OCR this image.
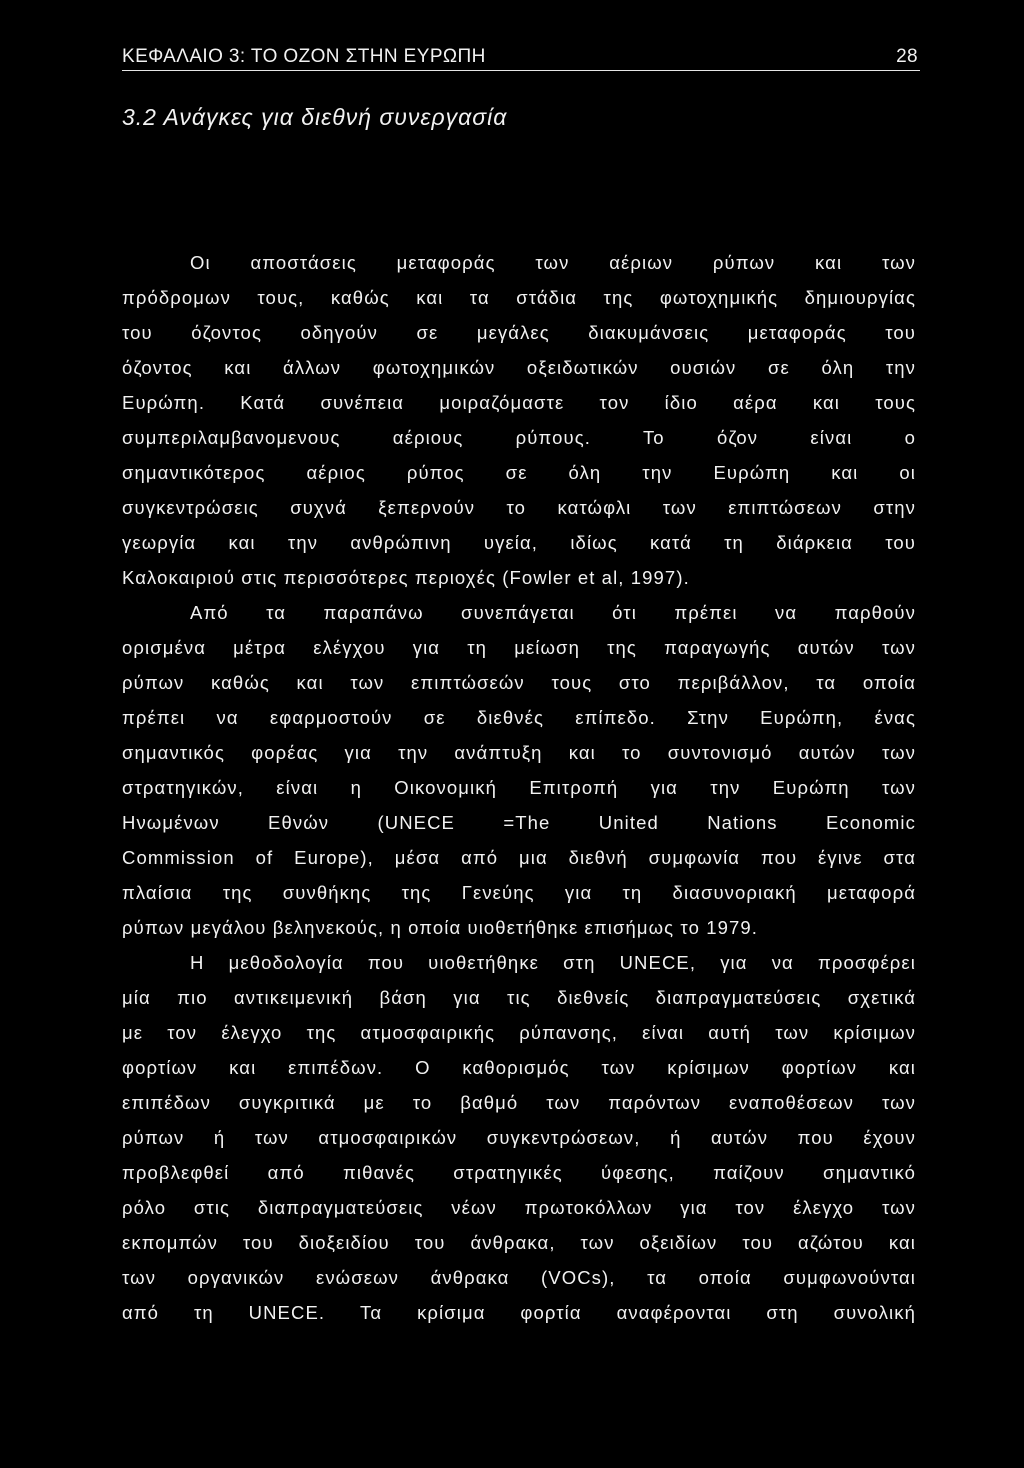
ΚΕΦΑΛΑΙΟ 3: ΤΟ ΟΖΟΝ ΣΤΗΝ ΕΥΡΩΠΗ	28
3.2 Ανάγκες για διεθνή συνεργασία
Οι αποστάσεις μεταφοράς των αέριων ρύπων και των
πρόδρομων τους, καθώς και τα στάδια της φωτοχημικής δημιουργίας
του όζοντος οδηγούν σε μεγάλες διακυμάνσεις μεταφοράς του
όζοντος και άλλων φωτοχημικών οξειδωτικών ουσιών σε όλη την
Ευρώπη. Κατά συνέπεια μοιραζόμαστε τον ίδιο αέρα και τους
συμπεριλαμβανομενους αέριους ρύπους. Το όζον είναι ο
σημαντικότερος αέριος ρύπος σε όλη την Ευρώπη και οι
συγκεντρώσεις συχνά ξεπερνούν το κατώφλι των επιπτώσεων στην
γεωργία και την ανθρώπινη υγεία, ιδίως κατά τη διάρκεια του
Καλοκαιριού στις περισσότερες περιοχές (Fowler et al, 1997).
Από τα παραπάνω συνεπάγεται ότι πρέπει να παρθούν
ορισμένα μέτρα ελέγχου για τη μείωση της παραγωγής αυτών των
ρύπων καθώς και των επιπτώσεών τους στο περιβάλλον, τα οποία
πρέπει να εφαρμοστούν σε διεθνές επίπεδο. Στην Ευρώπη, ένας
σημαντικός φορέας για την ανάπτυξη και το συντονισμό αυτών των
στρατηγικών, είναι η Οικονομική Επιτροπή για την Ευρώπη των
Ηνωμένων Εθνών (UNECE =The United Nations Economic
Commission of Europe), μέσα από μια διεθνή συμφωνία που έγινε στα
πλαίσια της συνθήκης της Γενεύης για τη διασυνοριακή μεταφορά
ρύπων μεγάλου βεληνεκούς, η οποία υιοθετήθηκε επισήμως το 1979.
Η μεθοδολογία που υιοθετήθηκε στη UNECE, για να προσφέρει
μία πιο αντικειμενική βάση για τις διεθνείς διαπραγματεύσεις σχετικά
με τον έλεγχο της ατμοσφαιρικής ρύπανσης, είναι αυτή των κρίσιμων
φορτίων και επιπέδων. Ο καθορισμός των κρίσιμων φορτίων και
επιπέδων συγκριτικά με το βαθμό των παρόντων εναποθέσεων των
ρύπων ή των ατμοσφαιρικών συγκεντρώσεων, ή αυτών που έχουν
προβλεφθεί από πιθανές στρατηγικές ύφεσης, παίζουν σημαντικό
ρόλο στις διαπραγματεύσεις νέων πρωτοκόλλων για τον έλεγχο των
εκπομπών του διοξειδίου του άνθρακα, των οξειδίων του αζώτου και
των οργανικών ενώσεων άνθρακα (VOCs), τα οποία συμφωνούνται
από τη UNECE. Τα κρίσιμα φορτία αναφέρονται στη συνολική
